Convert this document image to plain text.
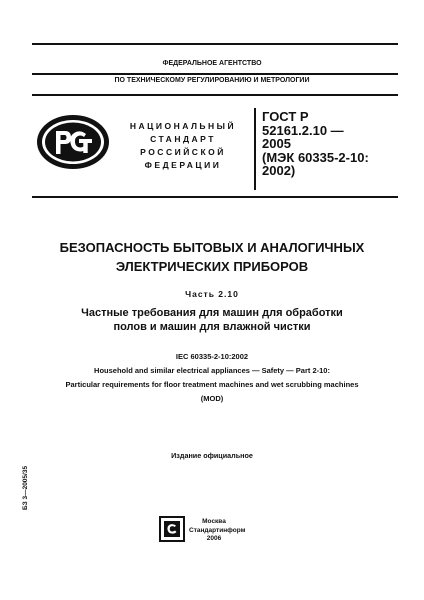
ФЕДЕРАЛЬНОЕ АГЕНТСТВО
ПО ТЕХНИЧЕСКОМУ РЕГУЛИРОВАНИЮ И МЕТРОЛОГИИ
НАЦИОНАЛЬНЫЙ
СТАНДАРТ
РОССИЙСКОЙ
ФЕДЕРАЦИИ
ГОСТ Р
52161.2.10 —
2005
(МЭК 60335-2-10:
2002)
БЕЗОПАСНОСТЬ БЫТОВЫХ И АНАЛОГИЧНЫХ
ЭЛЕКТРИЧЕСКИХ ПРИБОРОВ
Часть 2.10
Частные требования для машин для обработки
полов и машин для влажной чистки
IEC 60335-2-10:2002
Household and similar electrical appliances — Safety — Part 2-10:
Particular requirements for floor treatment machines and wet scrubbing machines
(MOD)
Издание официальное
БЗ 3—2005/35
Москва
Стандартинформ
2006
